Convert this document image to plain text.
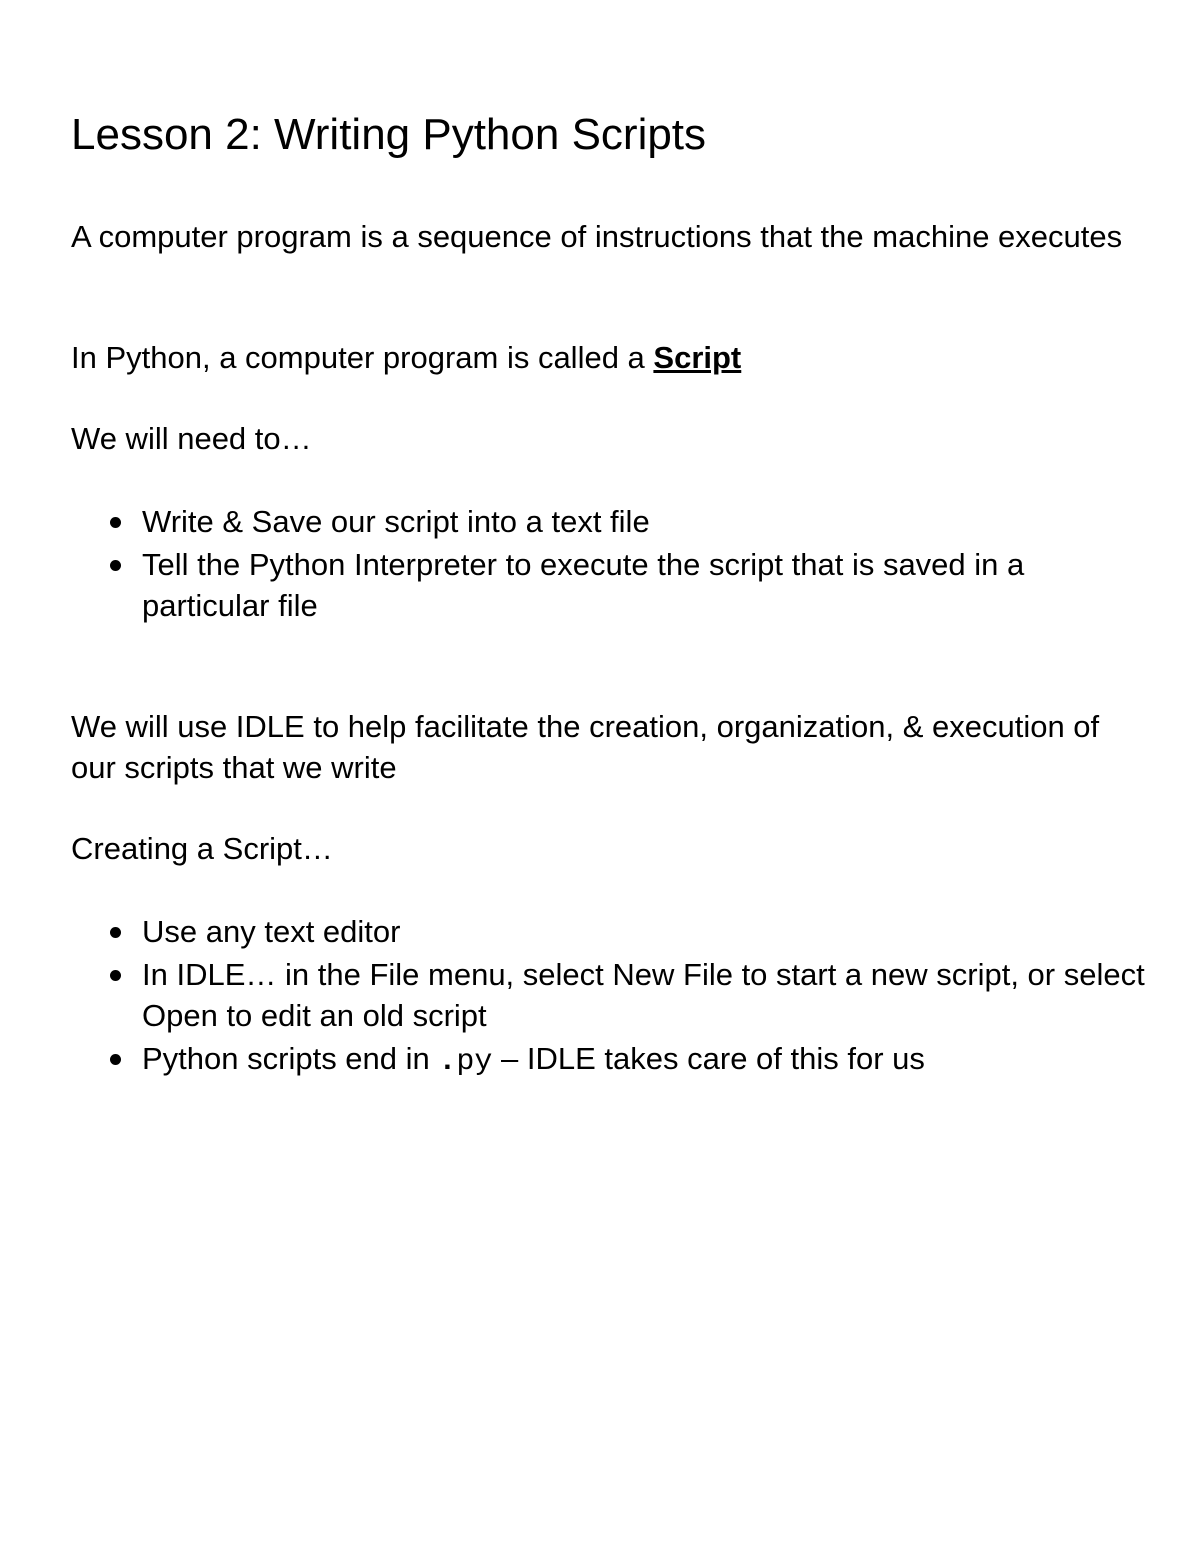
Lesson 2: Writing Python Scripts

A computer program is a sequence of instructions that the machine executes

In Python, a computer program is called a Script

We will need to…

Write & Save our script into a text file
Tell the Python Interpreter to execute the script that is saved in a particular file

We will use IDLE to help facilitate the creation, organization, & execution of our scripts that we write

Creating a Script…

Use any text editor
In IDLE… in the File menu, select New File to start a new script, or select Open to edit an old script
Python scripts end in .py – IDLE takes care of this for us
